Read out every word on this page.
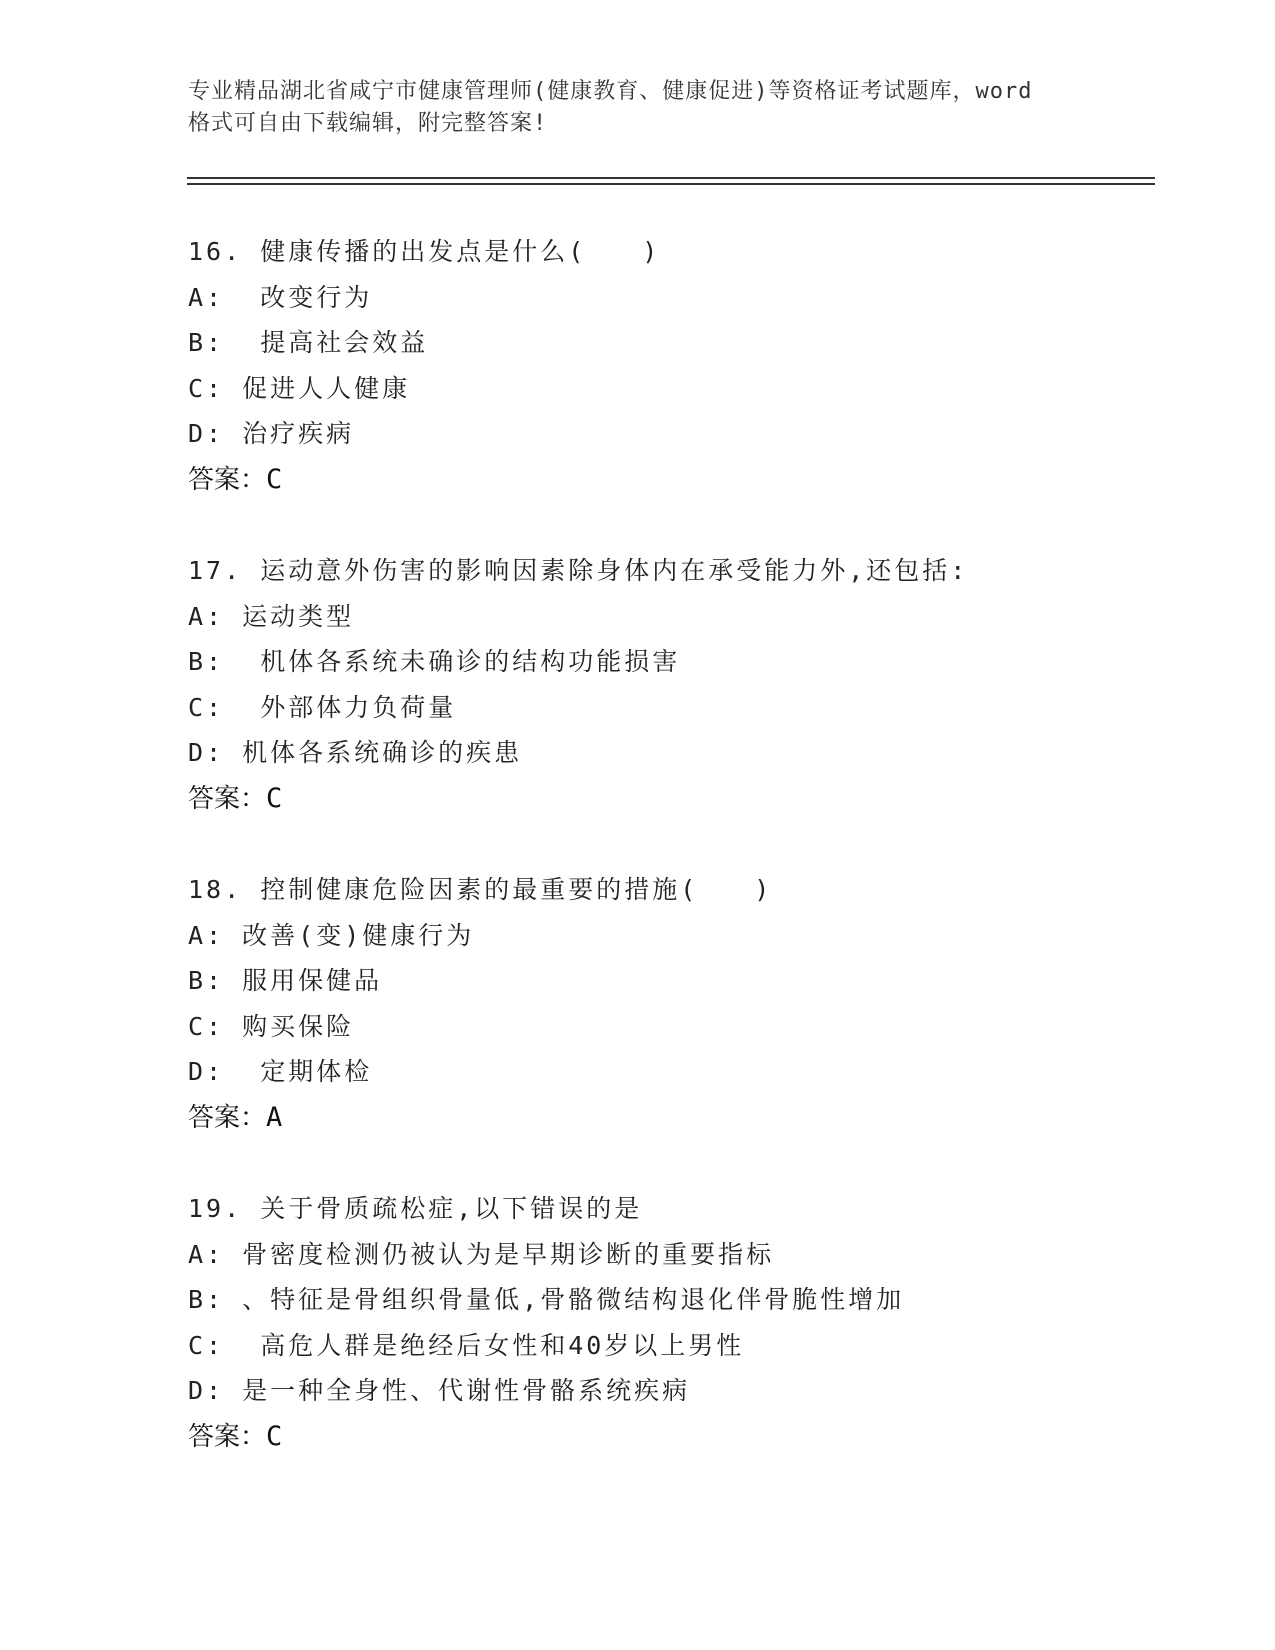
专业精品湖北省咸宁市健康管理师(健康教育、健康促进)等资格证考试题库，word
格式可自由下载编辑，附完整答案!
16. 健康传播的出发点是什么(　　)
A:  改变行为
B:  提高社会效益
C: 促进人人健康
D: 治疗疾病
答案：C
17. 运动意外伤害的影响因素除身体内在承受能力外,还包括:
A: 运动类型
B:  机体各系统未确诊的结构功能损害
C:  外部体力负荷量
D: 机体各系统确诊的疾患
答案：C
18. 控制健康危险因素的最重要的措施(　　)
A: 改善(变)健康行为
B: 服用保健品
C: 购买保险
D:  定期体检
答案：A
19. 关于骨质疏松症,以下错误的是
A: 骨密度检测仍被认为是早期诊断的重要指标
B: 、特征是骨组织骨量低,骨骼微结构退化伴骨脆性增加
C:  高危人群是绝经后女性和40岁以上男性
D: 是一种全身性、代谢性骨骼系统疾病
答案：C
